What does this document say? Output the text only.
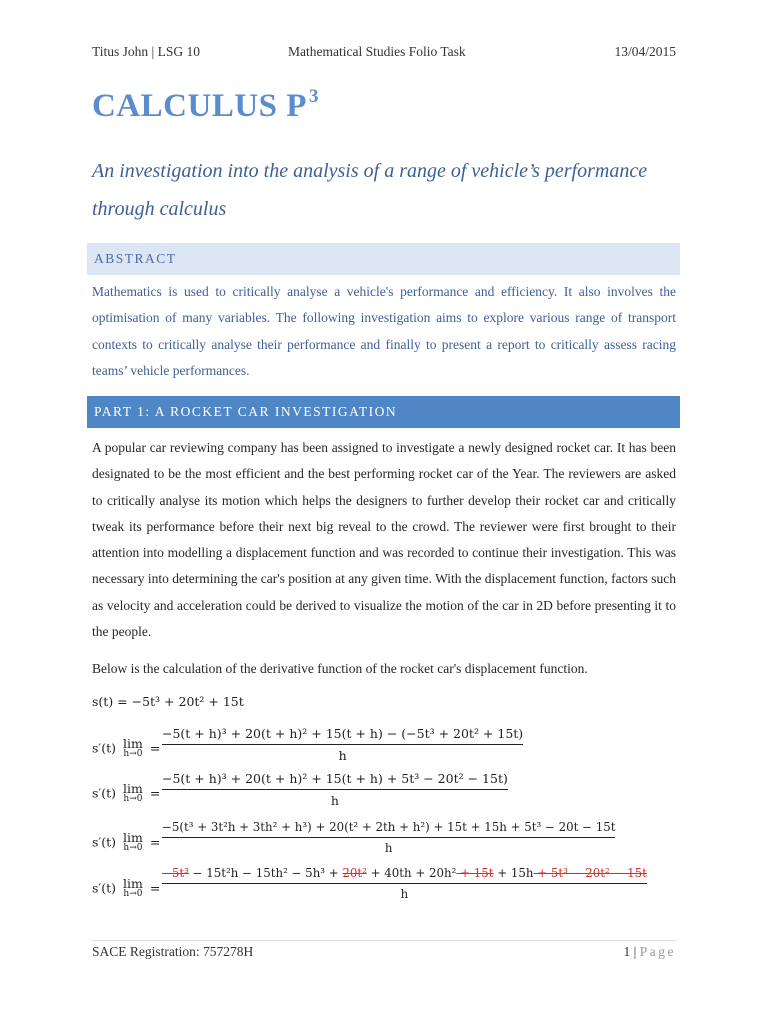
Titus John | LSG 10	Mathematical Studies Folio Task	13/04/2015
CALCULUS P $^3$
An investigation into the analysis of a range of vehicle’s performance through calculus
ABSTRACT
Mathematics is used to critically analyse a vehicle's performance and efficiency. It also involves the optimisation of many variables. The following investigation aims to explore various range of transport contexts to critically analyse their performance and finally to present a report to critically assess racing teams’ vehicle performances.
PART 1: A ROCKET CAR INVESTIGATION
A popular car reviewing company has been assigned to investigate a newly designed rocket car. It has been designated to be the most efficient and the best performing rocket car of the Year. The reviewers are asked to critically analyse its motion which helps the designers to further develop their rocket car and critically tweak its performance before their next big reveal to the crowd. The reviewer were first brought to their attention into modelling a displacement function and was recorded to continue their investigation. This was necessary into determining the car's position at any given time. With the displacement function, factors such as velocity and acceleration could be derived to visualize the motion of the car in 2D before presenting it to the people.
Below is the calculation of the derivative function of the rocket car's displacement function.
s(t) = −5t³ + 20t² + 15t
s′(t) lim
$h\to 0 = \frac{\text{−5(t + h)³ + 20(t + h)² + 15(t + h) − (−5t³ + 20t² + 15t)}}{h}$
s′(t) lim
$h\to 0 = \frac{\text{−5(t + h)³ + 20(t + h)² + 15(t + h) + 5t³ − 20t² − 15t)}}{h}$
s′(t) lim
h→0 =
−5(t³ + 3t²h + 3th² + h³) + 20(t² + 2th + h²) + 15t + 15h + 5t³ − 20t − 15t
h
s′(t) lim
h→0 =
−5t³ − 15t²h − 15th² − 5h³ + 20t² + 40th + 20h² + 15t + 15h + 5t³ − 20t² − 15t
h
SACE Registration: 757278H	1 | Page
